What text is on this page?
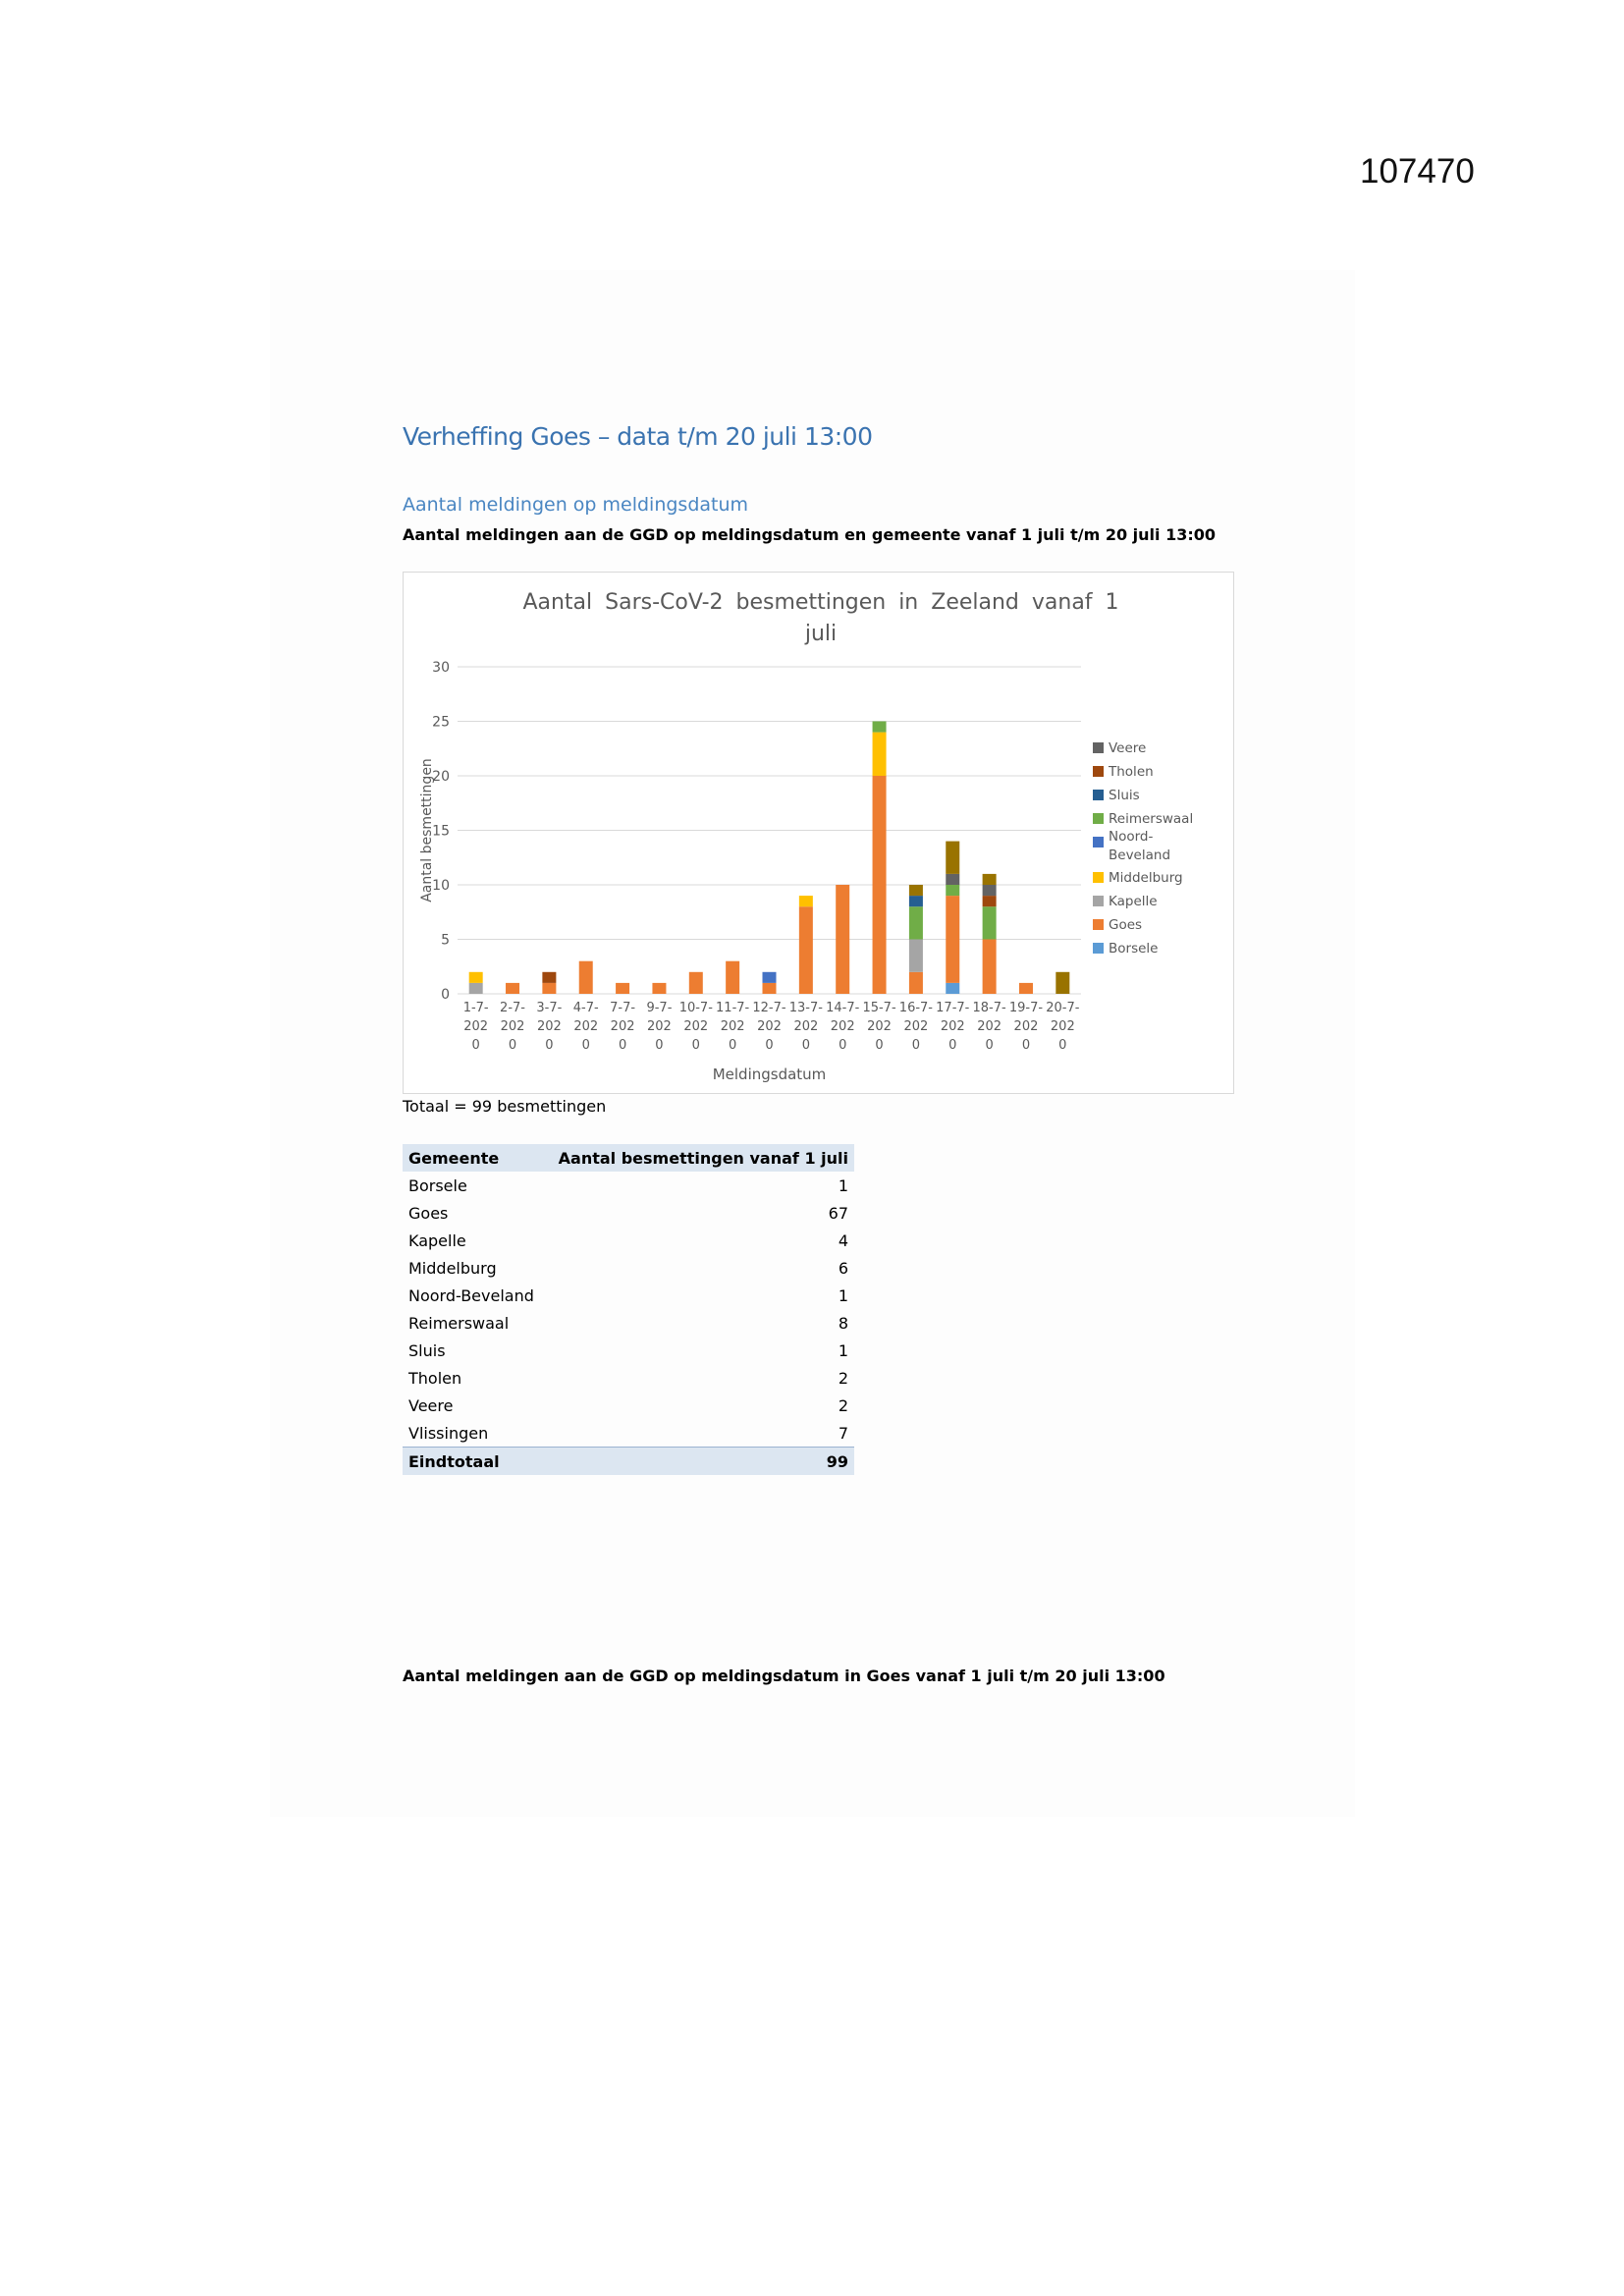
107470
Verheffing Goes – data t/m 20 juli 13:00
Aantal meldingen op meldingsdatum
Aantal meldingen aan de GGD op meldingsdatum en gemeente vanaf 1 juli t/m 20 juli 13:00
Aantal Sars-CoV-2 besmettingen in Zeeland vanaf 1
juli
0
5
10
15
20
25
30
Aantal besmettingen
1-7-202 0
2-7-202 0
3-7-202 0
4-7-202 0
7-7-202 0
9-7-202 0
10-7-202 0
11-7-202 0
12-7-202 0
13-7-202 0
14-7-202 0
15-7-202 0
16-7-202 0
17-7-202 0
18-7-202 0
19-7-202 0
20-7-202 0
Meldingsdatum
Veere
Tholen
Sluis
Reimerswaal
Noord-
Beveland
Middelburg
Kapelle
Goes
Borsele
Totaal = 99 besmettingen
Gemeente	Aantal besmettingen vanaf 1 juli
Borsele	1
Goes	67
Kapelle	4
Middelburg	6
Noord-Beveland	1
Reimerswaal	8
Sluis	1
Tholen	2
Veere	2
Vlissingen	7
Eindtotaal	99
Aantal meldingen aan de GGD op meldingsdatum in Goes vanaf 1 juli t/m 20 juli 13:00
